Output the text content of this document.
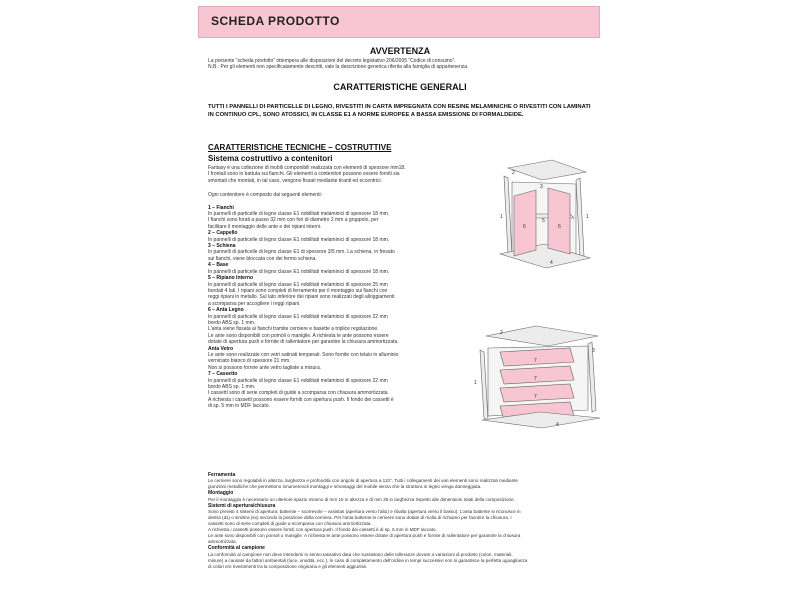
SCHEDA PRODOTTO
AVVERTENZA
La presente “scheda prodotto” ottempera alle disposizioni del decreto legislativo 206/2005 “Codice di consumo”.
N.B.: Per gli elementi non specificatamente descritti, vale la descrizione generica riferita alla famiglia di appartenenza.
CARATTERISTICHE GENERALI
TUTTI I PANNELLI DI PARTICELLE DI LEGNO, RIVESTITI IN CARTA IMPREGNATA CON RESINE MELAMINICHE O RIVESTITI CON LAMINATI
IN CONTINUO CPL, SONO ATOSSICI, IN CLASSE E1 A NORME EUROPEE A BASSA EMISSIONE DI FORMALDEIDE.
CARATTERISTICHE TECNICHE – COSTRUTTIVE
Sistema costruttivo a contenitori
Fantasy è una collezione di mobili componibili realizzata con elementi di spessore mm18.
I frontali sono in battuta sui fianchi. Gli elementi a contenitori possono essere forniti sia
smontati che montati, in tal caso, vengono fissati mediante tiranti ed eccentrici.
Ogni contenitore è composto dai seguenti elementi:
1 – Fianchi
In pannelli di particelle di legno classe E1 nobilitati melaminici di spessore 18 mm.
I fianchi sono forati a passo 32 mm con fori di diametro 2 mm a gruppolo, per
facilitare il montaggio delle ante e dei ripiani interni.
2 – Cappello
In pannelli di particelle di legno classe E1 nobilitati melaminici di spessore 18 mm.
3 – Schiena
In pannelli di particelle di legno classe E1 di spessore 3/5 mm. La schiena, in fresato
sui fianchi, viene bloccata con dei fermo schiena.
4 – Base
In pannelli di particelle di legno classe E1 nobilitati melaminici di spessore 18 mm.
5 – Ripiano Interno
In pannelli di particelle di legno classe E1 nobilitati melaminici di spessore 25 mm
bordati 4 lati. I ripiani sono completi di ferramento per il montaggio sui fianchi con
reggi ripiani in metallo. Sul lato inferiore dei ripiani sono realizzati degli alloggiamenti
a scomparsa per accogliere i reggi ripiani.
6 – Anta Legno
In pannelli di particelle di legno classe E1 nobilitati melaminici di spessore 22 mm
bordo ABS sp. 1 mm.
L'anta viene fissata ai fianchi tramite cerniere e basette a triplice regolazione.
Le ante sono disponibili con pomoli o maniglie. A richiesta le ante possono essere
dotate di apertura push e fornite di rallentatore per garantire la chiusura ammortizzata.
Anta Vetro
Le ante sono realizzate con vetri satinati temperati. Sono fornite con telaio in alluminio
verniciato bianco di spessore 21 mm.
Non si possono fornire ante vetro tagliate a misura.
7 – Cassetto
In pannelli di particelle di legno classe E1 nobilitati melaminici di spessore 22 mm
bordo ABS sp. 1 mm.
I cassetti sono di serie completi di guide a scomparsa con chiusura ammortizzata.
A richiesta i cassetti possono essere forniti con apertura push. Il fondo dei cassetti è
di sp. 5 mm in MDF laccato.
2
3
1	1
5
6	6
4
1
2
3
7
7
7
4
Ferramenta
Le cerniere sono regolabili in altezza, larghezza e profondità con angolo di apertura a 110°. Tutti i collegamenti dei vari elementi sono realizzati mediante
giunzioni metalliche che permettono innumerevoli montaggi e smontaggi del mobile senza che la struttura in legno venga danneggiata.
Montaggio
Per il montaggio è necessario un ulteriore spazio minimo di mm 15 in altezza e di mm 35 in larghezza rispetto alle dimensioni totali della composizione.
Sistemi di apertura/chiusura
Sono previsti 4 sistemi di apertura: battente – scorrevole – vasistas (apertura verso l'alto) e ribalta (apertura verso il basso). L'anta battente si riconosce in
destra (dx) o sinistra (sx) secondo la posizione della cerniera. Per l'anta battente le cerniere sono dotate di molla di richiamo per favorire la chiusura. I
cassetti sono di serie completi di guide a scomparsa con chiusura ammortizzata.
A richiesta i cassetti possono essere forniti con apertura push. Il fondo dei cassetti è di sp. 5 mm in MDF laccato.
Le ante sono disponibili con pomoli o maniglie. A richiesta le ante possono essere dotate di apertura push e fornite di rallentatore per garantire la chiusura
ammortizzata.
Conformità al campione
La conformità al campione non deve intendersi in senso tassativo data che sussistono delle tolleranze dovute a variazioni di prodotto (colori, materiali,
misure) a causate da fattori ambientali (luce, umidità, ecc.). In caso di completamento dell'ordine in tempi successivi non si garantisce la perfetta uguaglianza
di colori e/o rivestimenti tra la composizione originaria e gli elementi aggiuntivi.
